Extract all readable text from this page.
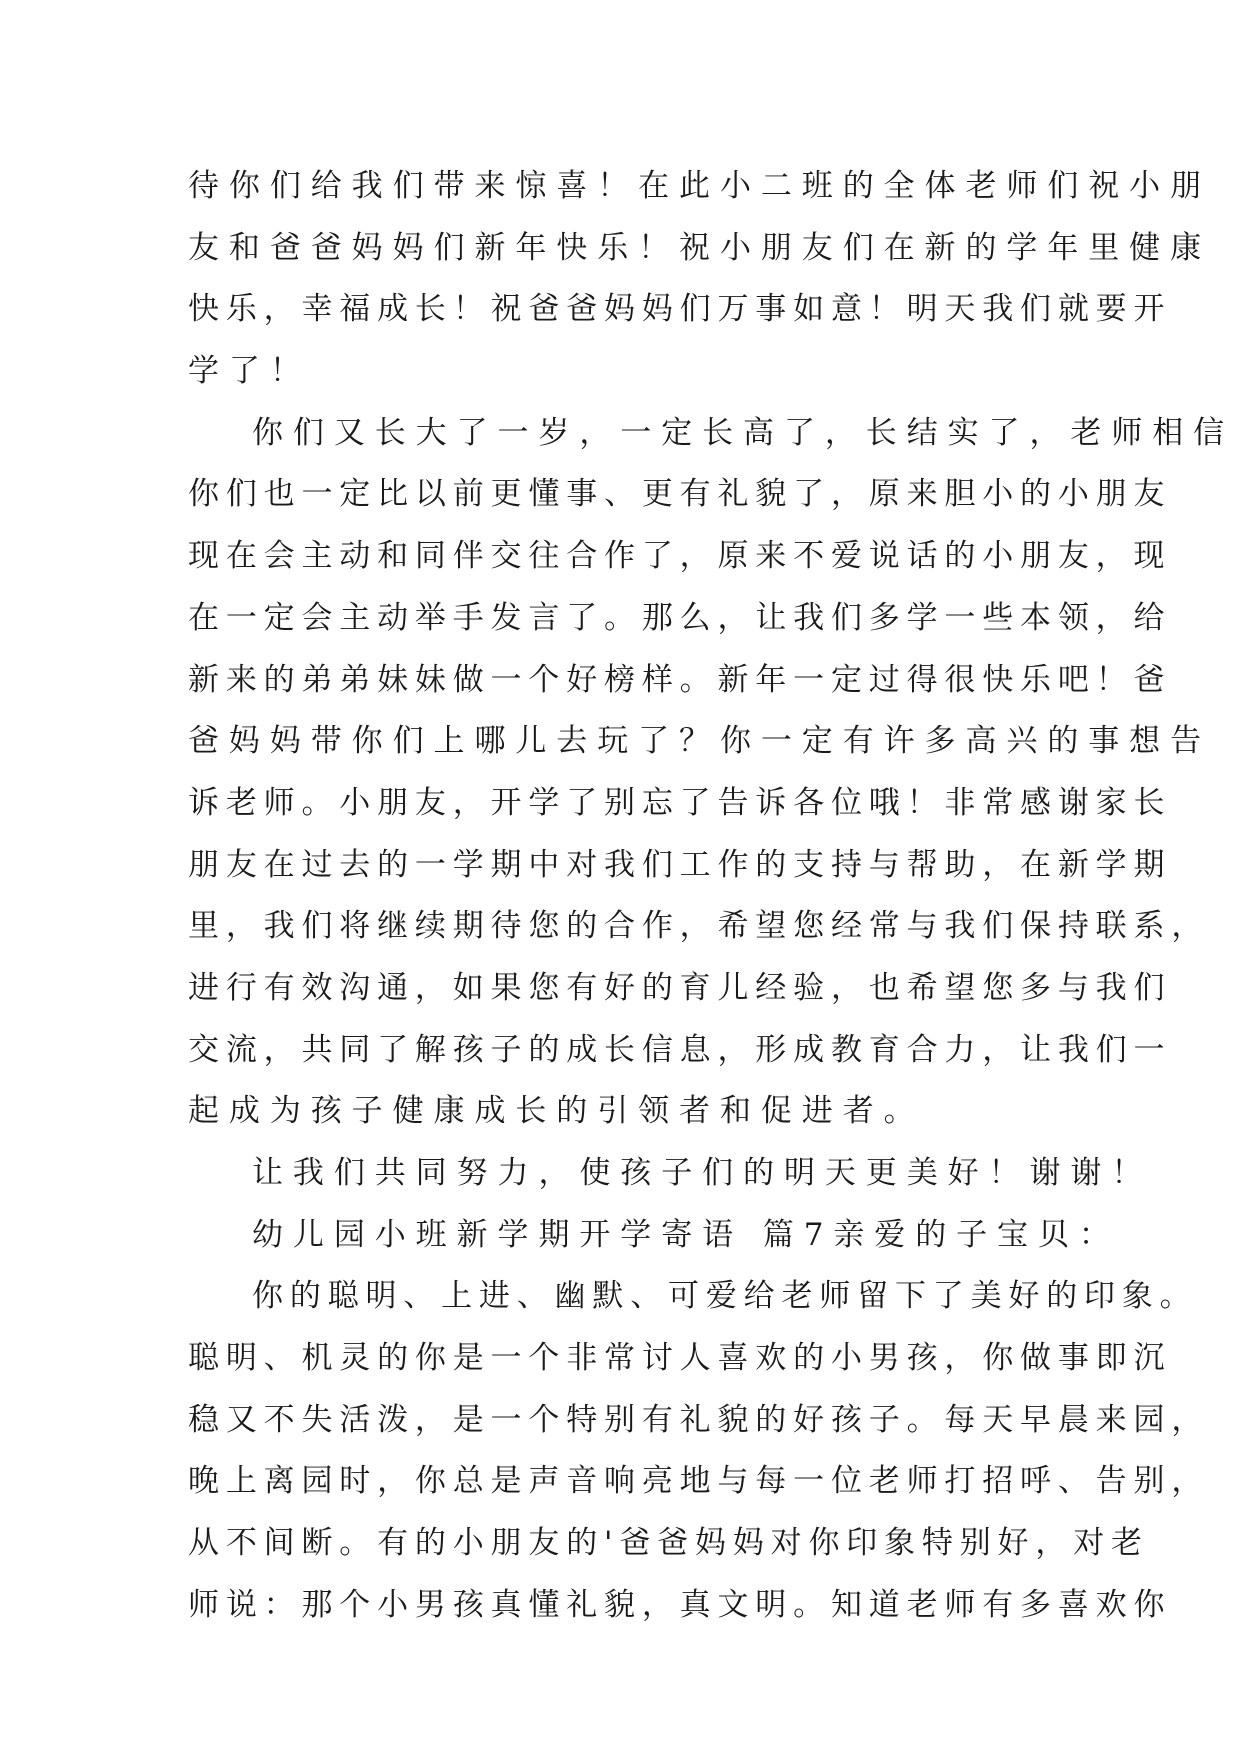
待你们给我们带来惊喜！在此小二班的全体老师们祝小朋
友和爸爸妈妈们新年快乐！祝小朋友们在新的学年里健康
快乐，幸福成长！祝爸爸妈妈们万事如意！明天我们就要开
学了！
你们又长大了一岁，一定长高了，长结实了，老师相信
你们也一定比以前更懂事、更有礼貌了，原来胆小的小朋友
现在会主动和同伴交往合作了，原来不爱说话的小朋友，现
在一定会主动举手发言了。那么，让我们多学一些本领，给
新来的弟弟妹妹做一个好榜样。新年一定过得很快乐吧！爸
爸妈妈带你们上哪儿去玩了？你一定有许多高兴的事想告
诉老师。小朋友，开学了别忘了告诉各位哦！非常感谢家长
朋友在过去的一学期中对我们工作的支持与帮助，在新学期
里，我们将继续期待您的合作，希望您经常与我们保持联系，
进行有效沟通，如果您有好的育儿经验，也希望您多与我们
交流，共同了解孩子的成长信息，形成教育合力，让我们一
起成为孩子健康成长的引领者和促进者。
让我们共同努力，使孩子们的明天更美好！谢谢！
幼儿园小班新学期开学寄语 篇7亲爱的子宝贝：
你的聪明、上进、幽默、可爱给老师留下了美好的印象。
聪明、机灵的你是一个非常讨人喜欢的小男孩，你做事即沉
稳又不失活泼，是一个特别有礼貌的好孩子。每天早晨来园，
晚上离园时，你总是声音响亮地与每一位老师打招呼、告别，
从不间断。有的小朋友的'爸爸妈妈对你印象特别好，对老
师说：那个小男孩真懂礼貌，真文明。知道老师有多喜欢你
